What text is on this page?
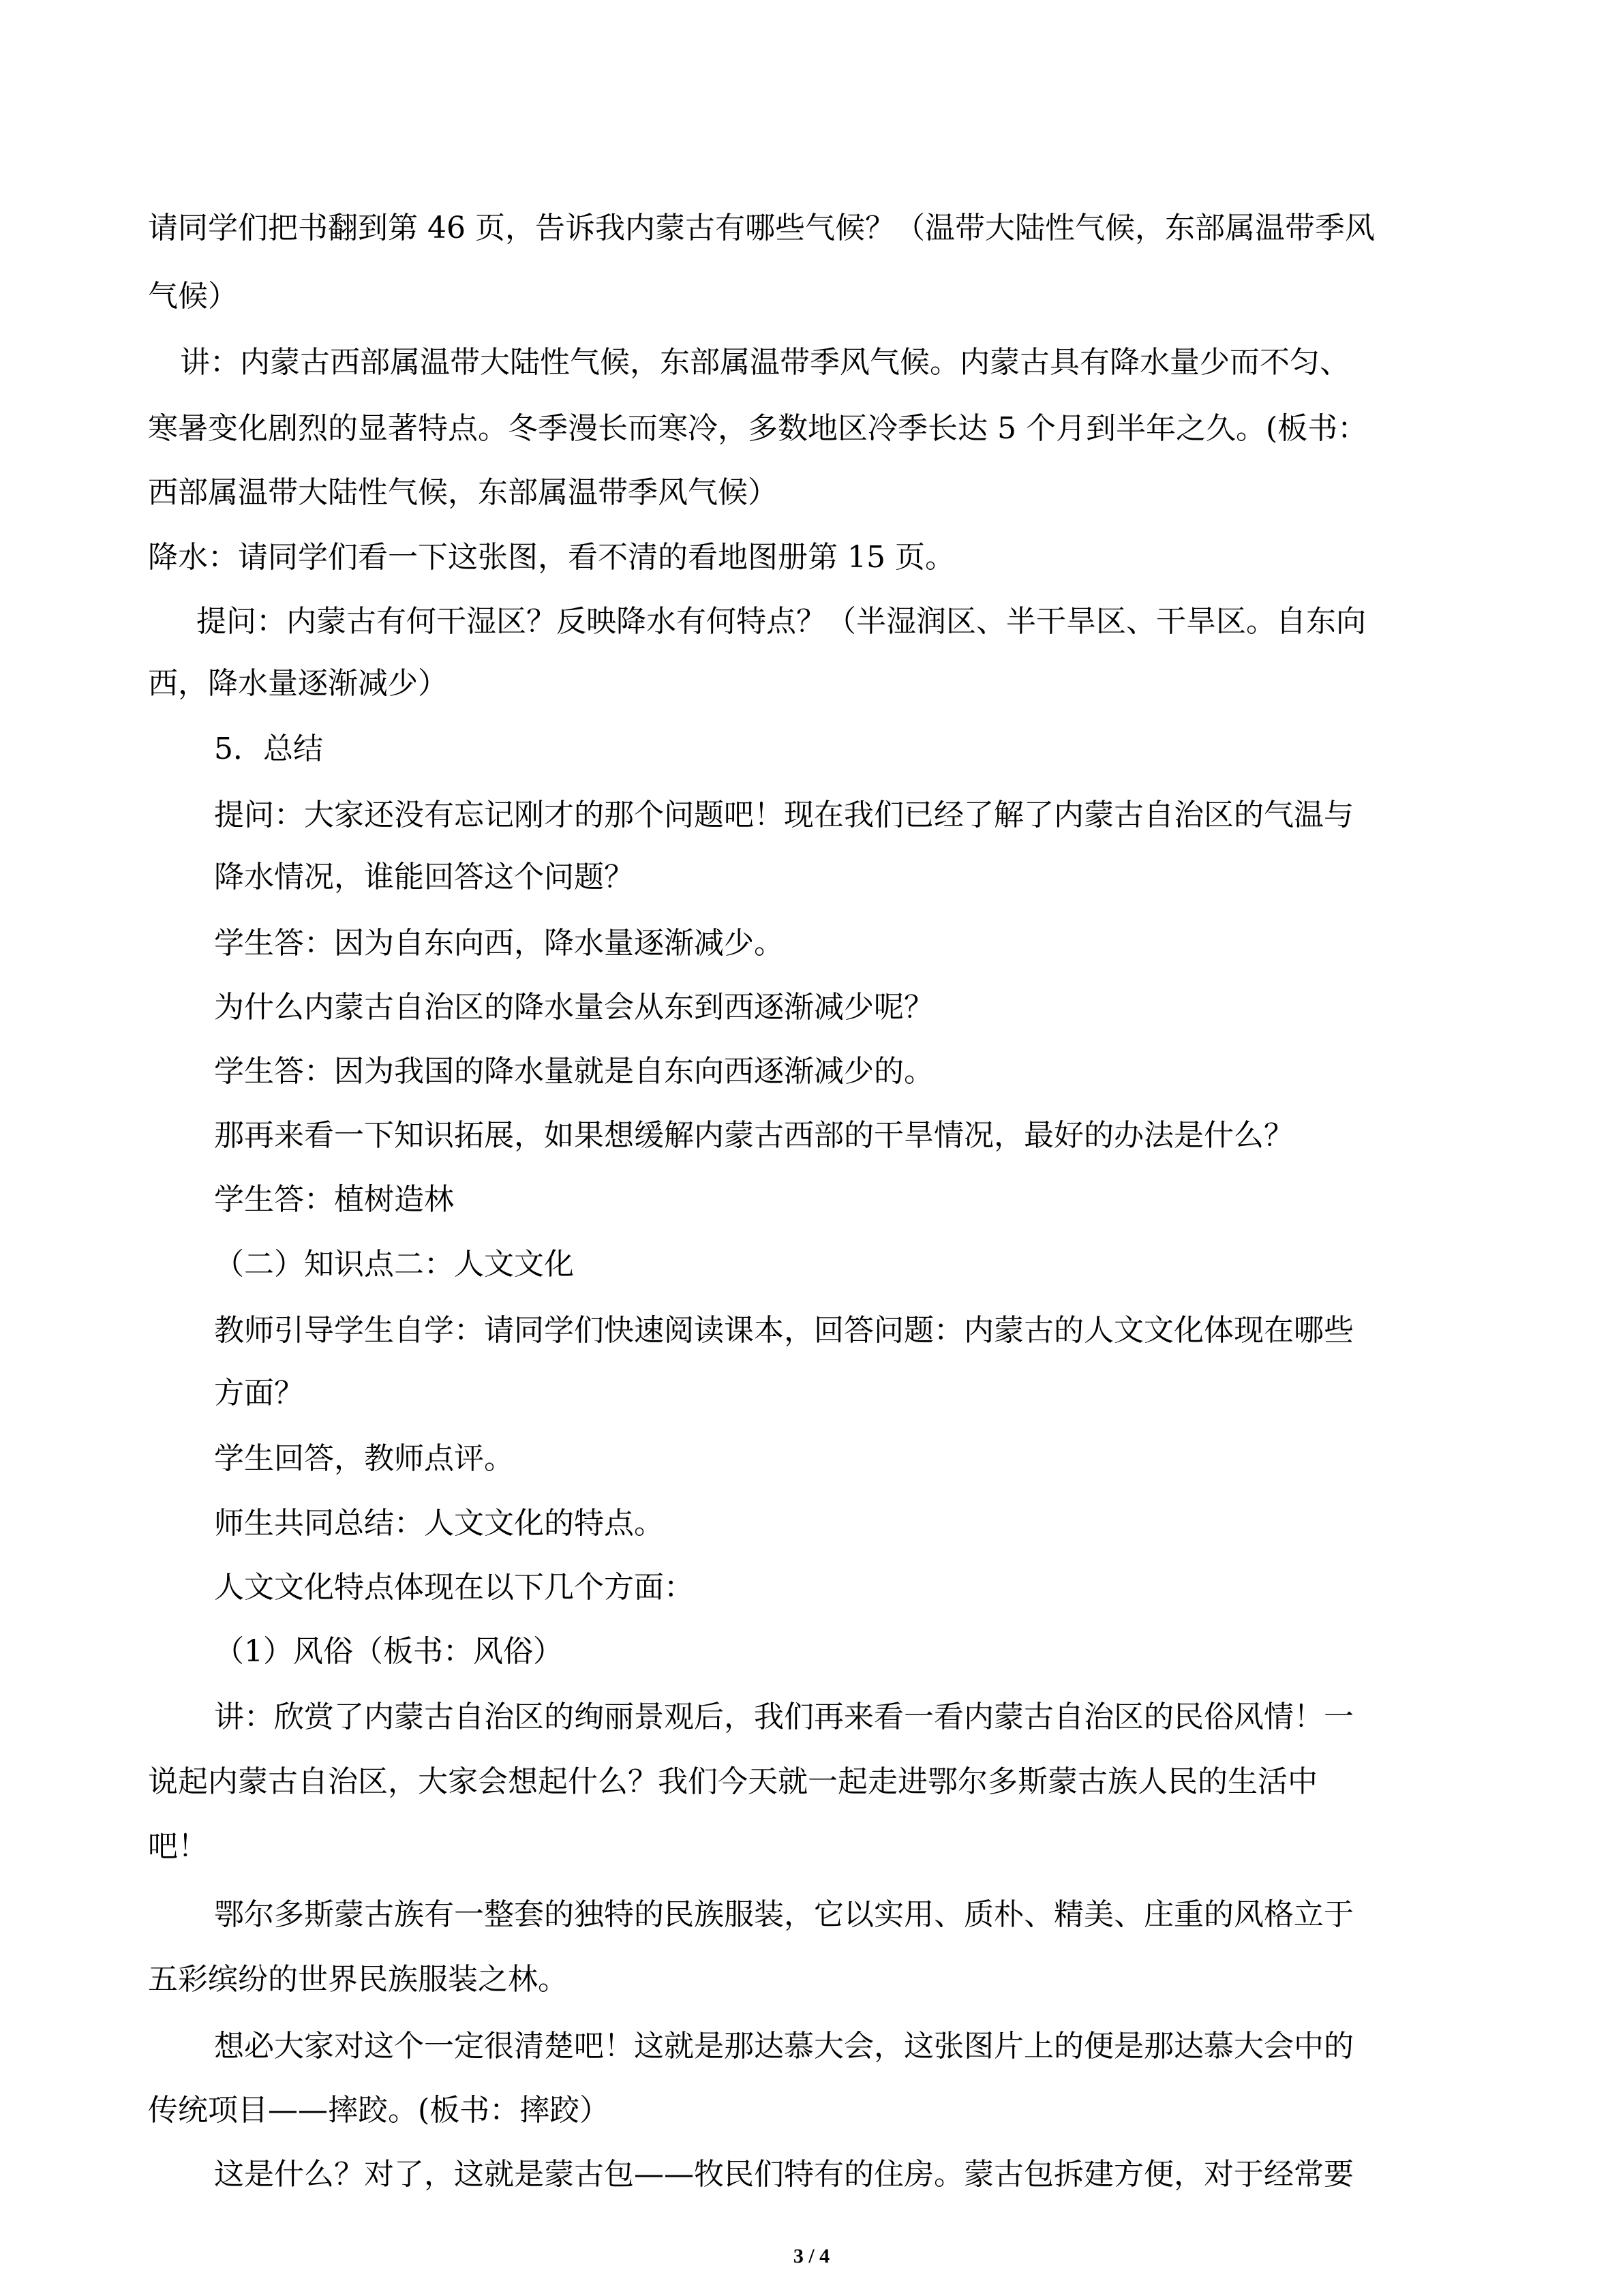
请同学们把书翻到第 46 页，告诉我内蒙古有哪些气候？（温带大陆性气候，东部属温带季风
气候）
讲：内蒙古西部属温带大陆性气候，东部属温带季风气候。内蒙古具有降水量少而不匀、
寒暑变化剧烈的显著特点。冬季漫长而寒冷，多数地区冷季长达 5 个月到半年之久。(板书：
西部属温带大陆性气候，东部属温带季风气候）
降水：请同学们看一下这张图，看不清的看地图册第 15 页。
提问：内蒙古有何干湿区？反映降水有何特点？（半湿润区、半干旱区、干旱区。自东向
西，降水量逐渐减少）
5．总结
提问：大家还没有忘记刚才的那个问题吧！现在我们已经了解了内蒙古自治区的气温与
降水情况，谁能回答这个问题？
学生答：因为自东向西，降水量逐渐减少。
为什么内蒙古自治区的降水量会从东到西逐渐减少呢？
学生答：因为我国的降水量就是自东向西逐渐减少的。
那再来看一下知识拓展，如果想缓解内蒙古西部的干旱情况，最好的办法是什么？
学生答：植树造林
（二）知识点二：人文文化
教师引导学生自学：请同学们快速阅读课本，回答问题：内蒙古的人文文化体现在哪些
方面？
学生回答，教师点评。
师生共同总结：人文文化的特点。
人文文化特点体现在以下几个方面：
（1）风俗（板书：风俗）
讲：欣赏了内蒙古自治区的绚丽景观后，我们再来看一看内蒙古自治区的民俗风情！一
说起内蒙古自治区，大家会想起什么？我们今天就一起走进鄂尔多斯蒙古族人民的生活中
吧！
鄂尔多斯蒙古族有一整套的独特的民族服装，它以实用、质朴、精美、庄重的风格立于
五彩缤纷的世界民族服装之林。
想必大家对这个一定很清楚吧！这就是那达慕大会，这张图片上的便是那达慕大会中的
传统项目——摔跤。(板书：摔跤）
这是什么？对了，这就是蒙古包——牧民们特有的住房。蒙古包拆建方便，对于经常要
3 / 4
